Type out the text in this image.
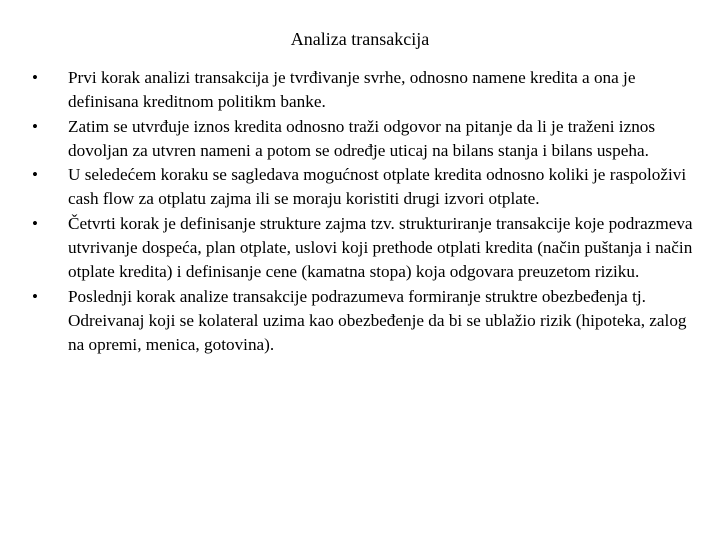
Analiza transakcija
•	Prvi korak analizi transakcija je tvrđivanje svrhe, odnosno namene kredita a ona je definisana kreditnom politikm banke.
•	Zatim se utvrđuje iznos kredita odnosno traži odgovor na pitanje da li je traženi iznos dovoljan za utvren nameni a potom se određje uticaj na bilans stanja i bilans uspeha.
•	U seledećem koraku se sagledava mogućnost otplate kredita odnosno koliki je raspoloživi cash flow za otplatu zajma ili se moraju koristiti drugi izvori otplate.
•	Četvrti korak je definisanje strukture zajma tzv. strukturiranje transakcije koje podrazmeva utvrivanje dospeća, plan otplate, uslovi koji prethode otplati kredita (način puštanja i način otplate kredita) i definisanje cene (kamatna stopa) koja odgovara preuzetom riziku.
•	Poslednji korak analize transakcije podrazumeva formiranje struktre obezbeđenja tj. Odreivanaj koji se kolateral uzima kao obezbeđenje da bi se ublažio rizik (hipoteka, zalog na opremi, menica, gotovina).
